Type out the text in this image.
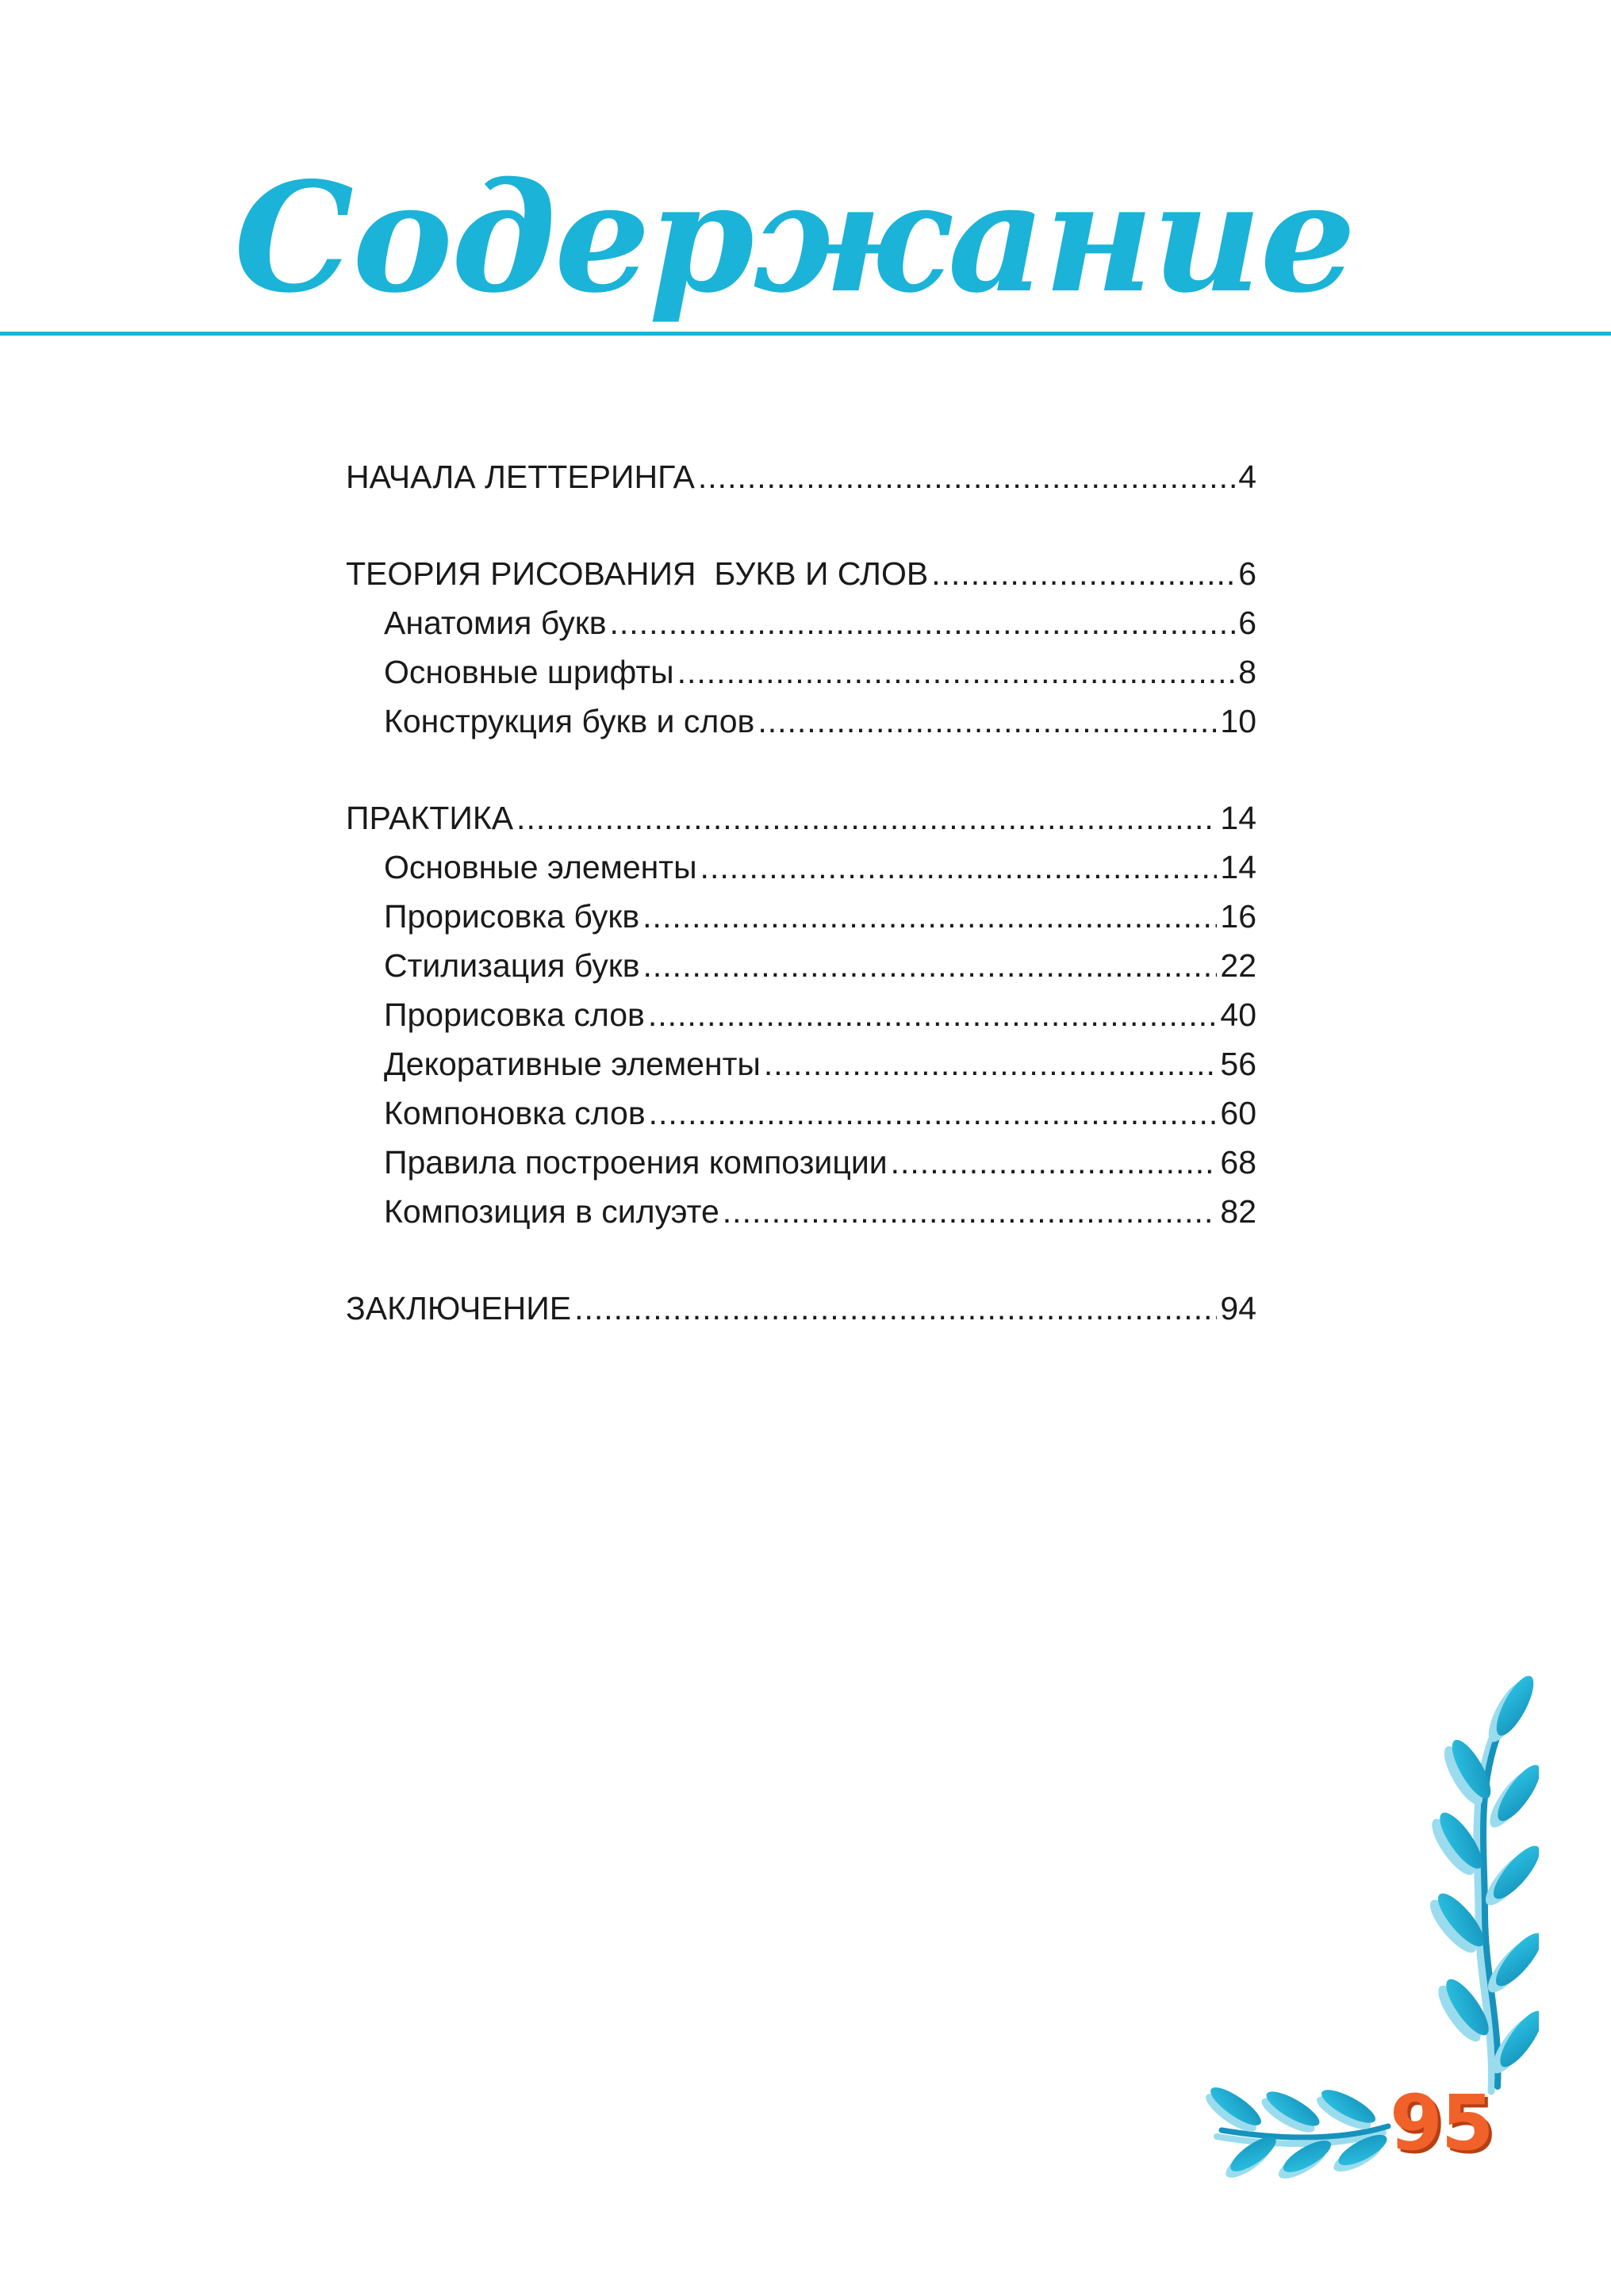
Содержание
НАЧАЛА ЛЕТТЕРИНГА .....	4
ТЕОРИЯ РИСОВАНИЯ  БУКВ И СЛОВ .....	6
Анатомия букв .....	6
Основные шрифты .....	8
Конструкция букв и слов .....	10
ПРАКТИКА .....	14
Основные элементы .....	14
Прорисовка букв .....	16
Стилизация букв .....	22
Прорисовка слов .....	40
Декоративные элементы .....	56
Компоновка слов .....	60
Правила построения композиции .....	68
Композиция в силуэте .....	82
ЗАКЛЮЧЕНИЕ .....	94
95
